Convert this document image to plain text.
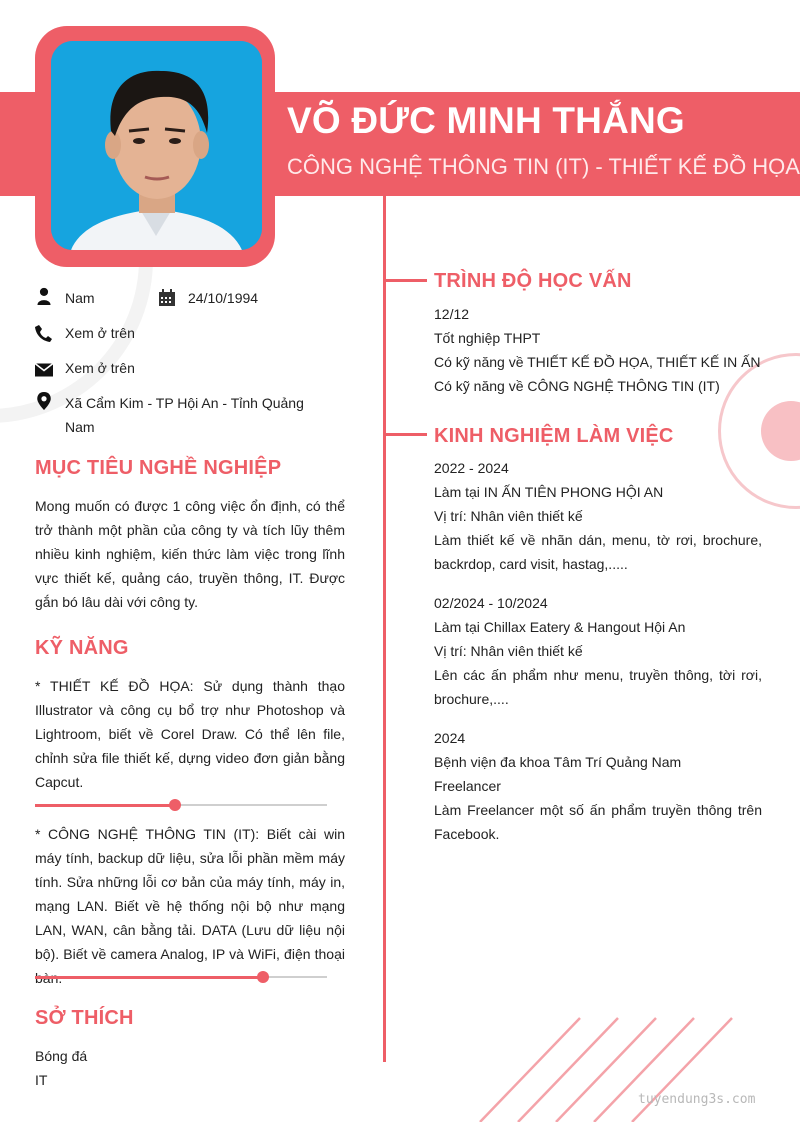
VÕ ĐỨC MINH THẮNG
CÔNG NGHỆ THÔNG TIN (IT) - THIẾT KẾ ĐỒ HỌA
Nam	24/10/1994
Xem ở trên
Xem ở trên
Xã Cẩm Kim - TP Hội An - Tỉnh Quảng
Nam
MỤC TIÊU NGHỀ NGHIỆP
Mong muốn có được 1 công việc ổn định, có thể trở thành một phần của công ty và tích lũy thêm nhiều kinh nghiệm, kiến thức làm việc trong lĩnh vực thiết kế, quảng cáo, truyền thông, IT. Được gắn bó lâu dài với công ty.
KỸ NĂNG
* THIẾT KẾ ĐỒ HỌA: Sử dụng thành thạo Illustrator và công cụ bổ trợ như Photoshop và Lightroom, biết về Corel Draw. Có thể lên file, chỉnh sửa file thiết kế, dựng video đơn giản bằng Capcut.
* CÔNG NGHỆ THÔNG TIN (IT): Biết cài win máy tính, backup dữ liệu, sửa lỗi phần mềm máy tính. Sửa những lỗi cơ bản của máy tính, máy in, mạng LAN. Biết về hệ thống nội bộ như mạng LAN, WAN, cân bằng tải. DATA (Lưu dữ liệu nội bộ). Biết về camera Analog, IP và WiFi, điện thoại
SỞ THÍCH
Bóng đá
IT
TRÌNH ĐỘ HỌC VẤN
12/12
Tốt nghiệp THPT
Có kỹ năng về THIẾT KẾ ĐỒ HỌA, THIẾT KẾ IN ẤN
Có kỹ năng về CÔNG NGHỆ THÔNG TIN (IT)
KINH NGHIỆM LÀM VIỆC
2022 - 2024
Làm tại IN ẤN TIÊN PHONG HỘI AN
Vị trí: Nhân viên thiết kế
Làm thiết kế về nhãn dán, menu, tờ rơi, brochure, backrdop, card visit, hastag,.....
02/2024 - 10/2024
Làm tại Chillax Eatery & Hangout Hội An
Vị trí: Nhân viên thiết kế
Lên các ấn phẩm như menu, truyền thông, tời rơi, brochure,....
2024
Bệnh viện đa khoa Tâm Trí Quảng Nam
Freelancer
Làm Freelancer một số ấn phẩm truyền thông trên Facebook.
tuyendung3s.com
